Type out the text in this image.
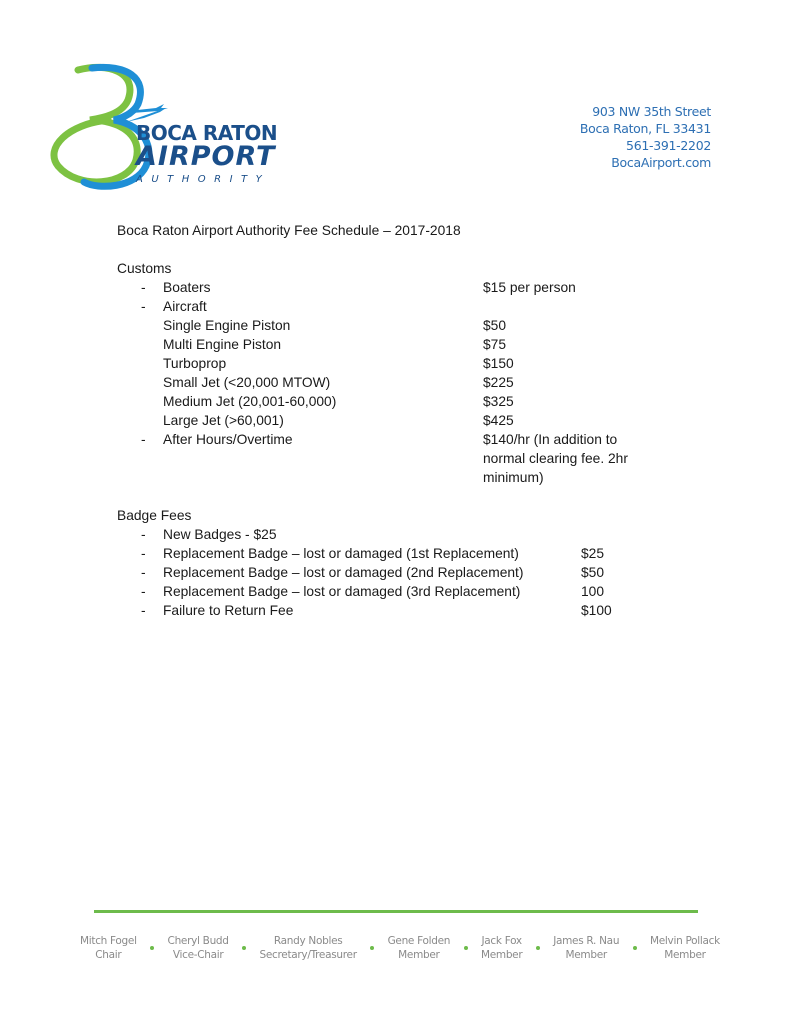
BOCA RATON
AIRPORT
AUTHORITY
903 NW 35th Street
Boca Raton, FL 33431
561-391-2202
BocaAirport.com
Boca Raton Airport Authority Fee Schedule – 2017-2018
Customs
- Boaters	$15 per person
- Aircraft
Single Engine Piston	$50
Multi Engine Piston	$75
Turboprop	$150
Small Jet (<20,000 MTOW)	$225
Medium Jet (20,001-60,000)	$325
Large Jet (>60,001)	$425
- After Hours/Overtime	$140/hr (In addition to normal clearing fee. 2hr minimum)
Badge Fees
- New Badges - $25
- Replacement Badge – lost or damaged (1st Replacement)	$25
- Replacement Badge – lost or damaged (2nd Replacement)	$50
- Replacement Badge – lost or damaged (3rd Replacement)	100
- Failure to Return Fee	$100
Mitch Fogel
Chair
Cheryl Budd
Vice-Chair
Randy Nobles
Secretary/Treasurer
Gene Folden
Member
Jack Fox
Member
James R. Nau
Member
Melvin Pollack
Member
